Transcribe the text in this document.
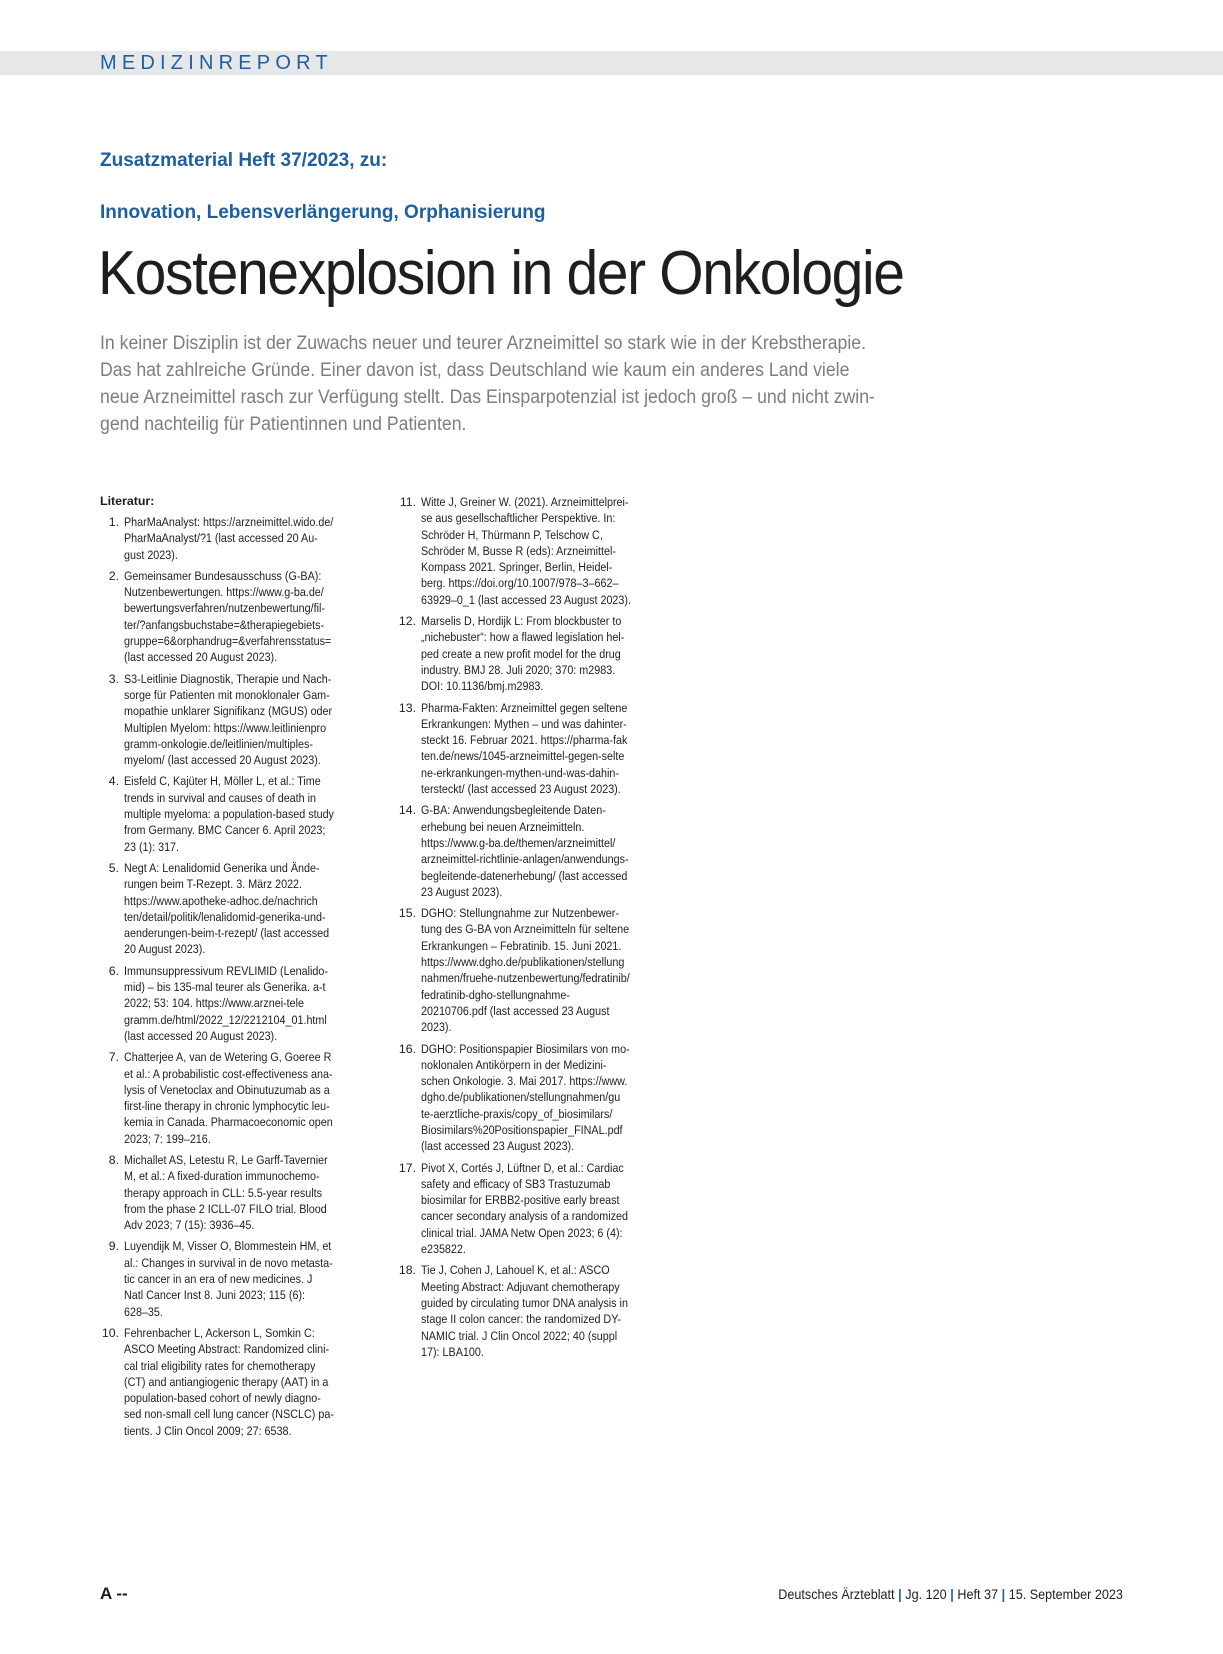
MEDIZINREPORT
Zusatzmaterial Heft 37/2023, zu:
Innovation, Lebensverlängerung, Orphanisierung
Kostenexplosion in der Onkologie
In keiner Disziplin ist der Zuwachs neuer und teurer Arzneimittel so stark wie in der Krebstherapie.
Das hat zahlreiche Gründe. Einer davon ist, dass Deutschland wie kaum ein anderes Land viele
neue Arzneimittel rasch zur Verfügung stellt. Das Einsparpotenzial ist jedoch groß – und nicht zwin-
gend nachteilig für Patientinnen und Patienten.
Literatur:
1. PharMaAnalyst: https://arzneimittel.wido.de/
PharMaAnalyst/?1 (last accessed 20 Au-
gust 2023).
2. Gemeinsamer Bundesausschuss (G-BA):
Nutzenbewertungen. https://www.g-ba.de/
bewertungsverfahren/nutzenbewertung/fil-
ter/?anfangsbuchstabe=&therapiegebiets-
gruppe=6&orphandrug=&verfahrensstatus=
(last accessed 20 August 2023).
3. S3-Leitlinie Diagnostik, Therapie und Nach-
sorge für Patienten mit monoklonaler Gam-
mopathie unklarer Signifikanz (MGUS) oder
Multiplen Myelom: https://www.leitlinienpro
gramm-onkologie.de/leitlinien/multiples-
myelom/ (last accessed 20 August 2023).
4. Eisfeld C, Kajüter H, Möller L, et al.: Time
trends in survival and causes of death in
multiple myeloma: a population-based study
from Germany. BMC Cancer 6. April 2023;
23 (1): 317.
5. Negt A: Lenalidomid Generika und Ände-
rungen beim T-Rezept. 3. März 2022.
https://www.apotheke-adhoc.de/nachrich
ten/detail/politik/lenalidomid-generika-und-
aenderungen-beim-t-rezept/ (last accessed
20 August 2023).
6. Immunsuppressivum REVLIMID (Lenalido-
mid) – bis 135-mal teurer als Generika. a-t
2022; 53: 104. https://www.arznei-tele
gramm.de/html/2022_12/2212104_01.html
(last accessed 20 August 2023).
7. Chatterjee A, van de Wetering G, Goeree R
et al.: A probabilistic cost-effectiveness ana-
lysis of Venetoclax and Obinutuzumab as a
first-line therapy in chronic lymphocytic leu-
kemia in Canada. Pharmacoeconomic open
2023; 7: 199–216.
8. Michallet AS, Letestu R, Le Garff-Tavernier
M, et al.: A fixed-duration immunochemo-
therapy approach in CLL: 5.5-year results
from the phase 2 ICLL-07 FILO trial. Blood
Adv 2023; 7 (15): 3936–45.
9. Luyendijk M, Visser O, Blommestein HM, et
al.: Changes in survival in de novo metasta-
tic cancer in an era of new medicines. J
Natl Cancer Inst 8. Juni 2023; 115 (6):
628–35.
10. Fehrenbacher L, Ackerson L, Somkin C:
ASCO Meeting Abstract: Randomized clini-
cal trial eligibility rates for chemotherapy
(CT) and antiangiogenic therapy (AAT) in a
population-based cohort of newly diagno-
sed non-small cell lung cancer (NSCLC) pa-
tients. J Clin Oncol 2009; 27: 6538.
11. Witte J, Greiner W. (2021). Arzneimittelprei-
se aus gesellschaftlicher Perspektive. In:
Schröder H, Thürmann P, Telschow C,
Schröder M, Busse R (eds): Arzneimittel-
Kompass 2021. Springer, Berlin, Heidel-
berg. https://doi.org/10.1007/978–3–662–
63929–0_1 (last accessed 23 August 2023).
12. Marselis D, Hordijk L: From blockbuster to
„nichebuster“: how a flawed legislation hel-
ped create a new profit model for the drug
industry. BMJ 28. Juli 2020; 370: m2983.
DOI: 10.1136/bmj.m2983.
13. Pharma-Fakten: Arzneimittel gegen seltene
Erkrankungen: Mythen – und was dahinter-
steckt 16. Februar 2021. https://pharma-fak
ten.de/news/1045-arzneimittel-gegen-selte
ne-erkrankungen-mythen-und-was-dahin-
tersteckt/ (last accessed 23 August 2023).
14. G-BA: Anwendungsbegleitende Daten-
erhebung bei neuen Arzneimitteln.
https://www.g-ba.de/themen/arzneimittel/
arzneimittel-richtlinie-anlagen/anwendungs-
begleitende-datenerhebung/ (last accessed
23 August 2023).
15. DGHO: Stellungnahme zur Nutzenbewer-
tung des G-BA von Arzneimitteln für seltene
Erkrankungen – Febratinib. 15. Juni 2021.
https://www.dgho.de/publikationen/stellung
nahmen/fruehe-nutzenbewertung/fedratinib/
fedratinib-dgho-stellungnahme-
20210706.pdf (last accessed 23 August
2023).
16. DGHO: Positionspapier Biosimilars von mo-
noklonalen Antikörpern in der Medizini-
schen Onkologie. 3. Mai 2017. https://www.
dgho.de/publikationen/stellungnahmen/gu
te-aerztliche-praxis/copy_of_biosimilars/
Biosimilars%20Positionspapier_FINAL.pdf
(last accessed 23 August 2023).
17. Pivot X, Cortés J, Lüftner D, et al.: Cardiac
safety and efficacy of SB3 Trastuzumab
biosimilar for ERBB2-positive early breast
cancer secondary analysis of a randomized
clinical trial. JAMA Netw Open 2023; 6 (4):
e235822.
18. Tie J, Cohen J, Lahouel K, et al.: ASCO
Meeting Abstract: Adjuvant chemotherapy
guided by circulating tumor DNA analysis in
stage II colon cancer: the randomized DY-
NAMIC trial. J Clin Oncol 2022; 40 (suppl
17): LBA100.
A --	Deutsches Ärzteblatt | Jg. 120 | Heft 37 | 15. September 2023
